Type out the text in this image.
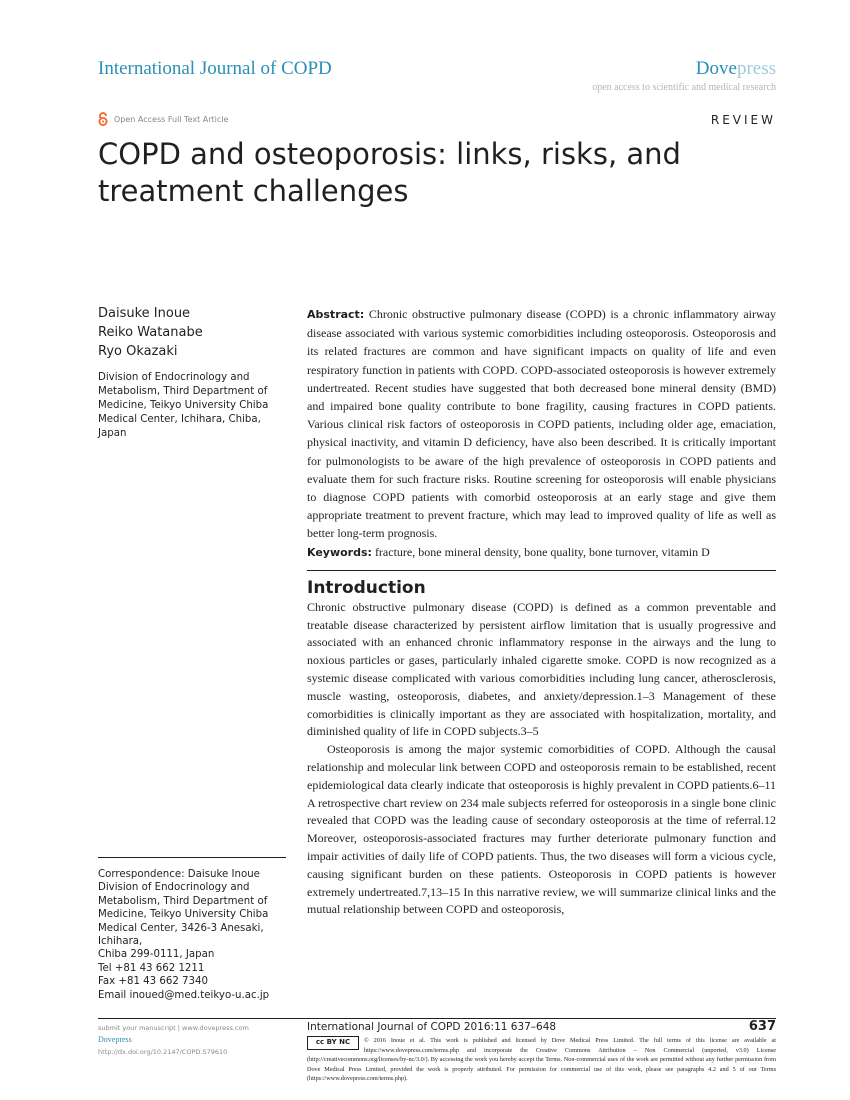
International Journal of COPD	Dovepress
open access to scientific and medical research
Open Access Full Text Article	REVIEW
COPD and osteoporosis: links, risks, and treatment challenges
Daisuke Inoue
Reiko Watanabe
Ryo Okazaki
Division of Endocrinology and Metabolism, Third Department of Medicine, Teikyo University Chiba Medical Center, Ichihara, Chiba, Japan
Correspondence: Daisuke Inoue
Division of Endocrinology and
Metabolism, Third Department of
Medicine, Teikyo University Chiba
Medical Center, 3426-3 Anesaki, Ichihara,
Chiba 299-0111, Japan
Tel +81 43 662 1211
Fax +81 43 662 7340
Email inoued@med.teikyo-u.ac.jp
Abstract: Chronic obstructive pulmonary disease (COPD) is a chronic inflammatory airway disease associated with various systemic comorbidities including osteoporosis. Osteoporosis and its related fractures are common and have significant impacts on quality of life and even respiratory function in patients with COPD. COPD-associated osteoporosis is however extremely undertreated. Recent studies have suggested that both decreased bone mineral density (BMD) and impaired bone quality contribute to bone fragility, causing fractures in COPD patients. Various clinical risk factors of osteoporosis in COPD patients, including older age, emaciation, physical inactivity, and vitamin D deficiency, have also been described. It is critically important for pulmonologists to be aware of the high prevalence of osteoporosis in COPD patients and evaluate them for such fracture risks. Routine screening for osteoporosis will enable physicians to diagnose COPD patients with comorbid osteoporosis at an early stage and give them appropriate treatment to prevent fracture, which may lead to improved quality of life as well as better long-term prognosis.
Keywords: fracture, bone mineral density, bone quality, bone turnover, vitamin D
Introduction

Chronic obstructive pulmonary disease (COPD) is defined as a common preventable and treatable disease characterized by persistent airflow limitation that is usually progressive and associated with an enhanced chronic inflammatory response in the airways and the lung to noxious particles or gases, particularly inhaled cigarette smoke. COPD is now recognized as a systemic disease complicated with various comorbidities including lung cancer, atherosclerosis, muscle wasting, osteoporosis, diabetes, and anxiety/depression.1–3 Management of these comorbidities is clinically important as they are associated with hospitalization, mortality, and diminished quality of life in COPD subjects.3–5

Osteoporosis is among the major systemic comorbidities of COPD. Although the causal relationship and molecular link between COPD and osteoporosis remain to be established, recent epidemiological data clearly indicate that osteoporosis is highly prevalent in COPD patients.6–11 A retrospective chart review on 234 male subjects referred for osteoporosis in a single bone clinic revealed that COPD was the leading cause of secondary osteoporosis at the time of referral.12 Moreover, osteoporosis-associated fractures may further deteriorate pulmonary function and impair activities of daily life of COPD patients. Thus, the two diseases will form a vicious cycle, causing significant burden on these patients. Osteoporosis in COPD patients is however extremely undertreated.7,13–15 In this narrative review, we will summarize clinical links and the mutual relationship between COPD and osteoporosis,

submit your manuscript | www.dovepress.com
Dovepress
http://dx.doi.org/10.2147/COPD.S79610
International Journal of COPD 2016:11 637–648	637
cc BY NC	© 2016 Inoue et al. This work is published and licensed by Dove Medical Press Limited. The full terms of this license are available at https://www.dovepress.com/terms.php and incorporate the Creative Commons Attribution – Non Commercial (unported, v3.0) License (http://creativecommons.org/licenses/by-nc/3.0/). By accessing the work you hereby accept the Terms. Non-commercial uses of the work are permitted without any further permission from Dove Medical Press Limited, provided the work is properly attributed. For permission for commercial use of this work, please see paragraphs 4.2 and 5 of our Terms (https://www.dovepress.com/terms.php).
